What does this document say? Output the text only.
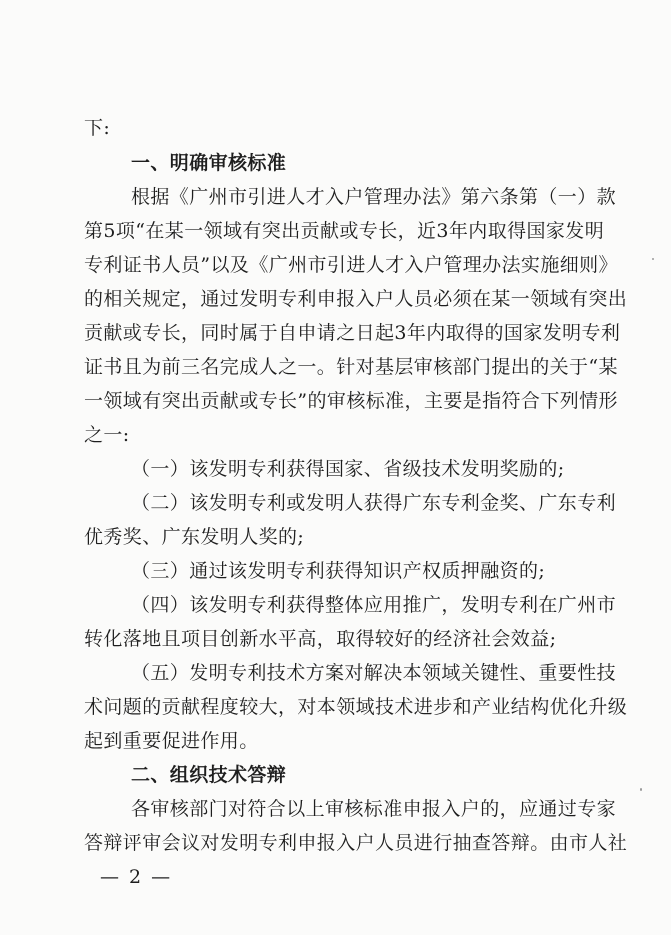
下:
一、明确审核标准
根据《广州市引进人才入户管理办法》第六条第（一）款
第5项“在某一领域有突出贡献或专长，近3年内取得国家发明
专利证书人员”以及《广州市引进人才入户管理办法实施细则》
的相关规定，通过发明专利申报入户人员必须在某一领域有突出
贡献或专长，同时属于自申请之日起3年内取得的国家发明专利
证书且为前三名完成人之一。针对基层审核部门提出的关于“某
一领域有突出贡献或专长”的审核标准，主要是指符合下列情形
之一:
（一）该发明专利获得国家、省级技术发明奖励的;
（二）该发明专利或发明人获得广东专利金奖、广东专利
优秀奖、广东发明人奖的;
（三）通过该发明专利获得知识产权质押融资的;
（四）该发明专利获得整体应用推广，发明专利在广州市
转化落地且项目创新水平高，取得较好的经济社会效益;
（五）发明专利技术方案对解决本领域关键性、重要性技
术问题的贡献程度较大，对本领域技术进步和产业结构优化升级
起到重要促进作用。
二、组织技术答辩
各审核部门对符合以上审核标准申报入户的，应通过专家
答辩评审会议对发明专利申报入户人员进行抽查答辩。由市人社
— 2 —
